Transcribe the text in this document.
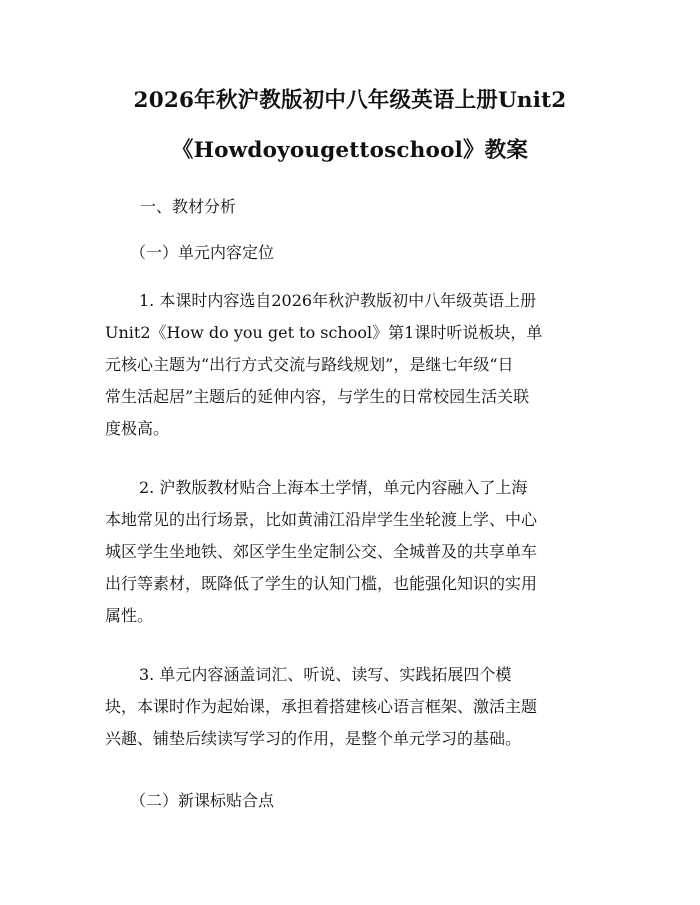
2026年秋沪教版初中八年级英语上册Unit2
《Howdoyougettoschool》教案
一、教材分析
（一）单元内容定位
1. 本课时内容选自2026年秋沪教版初中八年级英语上册
Unit2《How do you get to school》第1课时听说板块，单
元核心主题为“出行方式交流与路线规划”，是继七年级“日
常生活起居”主题后的延伸内容，与学生的日常校园生活关联
度极高。
2. 沪教版教材贴合上海本土学情，单元内容融入了上海
本地常见的出行场景，比如黄浦江沿岸学生坐轮渡上学、中心
城区学生坐地铁、郊区学生坐定制公交、全城普及的共享单车
出行等素材，既降低了学生的认知门槛，也能强化知识的实用
属性。
3. 单元内容涵盖词汇、听说、读写、实践拓展四个模
块，本课时作为起始课，承担着搭建核心语言框架、激活主题
兴趣、铺垫后续读写学习的作用，是整个单元学习的基础。
（二）新课标贴合点
